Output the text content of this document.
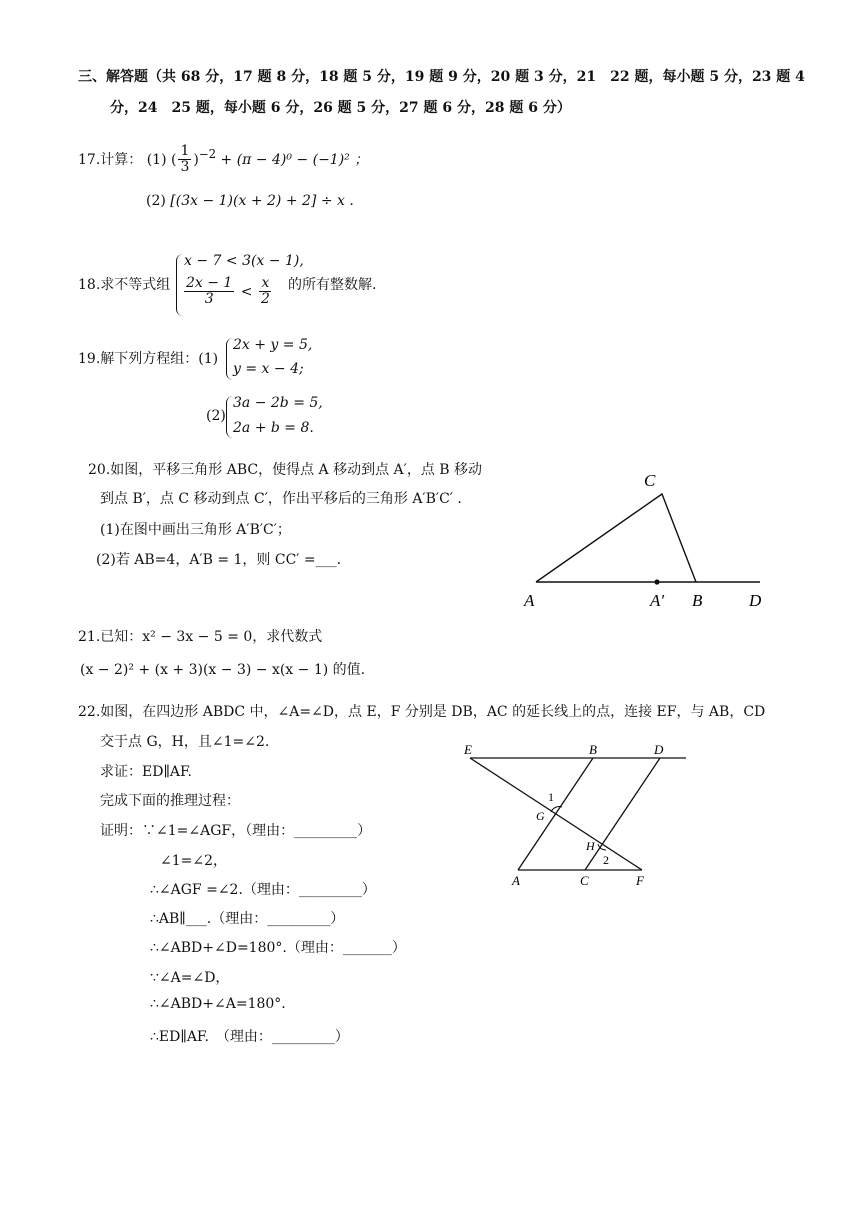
三、解答题（共 68 分，17 题 8 分，18 题 5 分，19 题 9 分，20 题 3 分，21　22 题，每小题 5 分，23 题 4
分，24　25 题，每小题 6 分，26 题 5 分，27 题 6 分，28 题 6 分）
17.计算： (1) ( $\frac{1}{3} )^{-2} + (\pi - 4)^0 - (-1)^2$ ；
(2) [(3x − 1)(x + 2) + 2] ÷ x .
18.求不等式组
x − 7 < 3(x − 1),
$\frac{2x - 1}{3} < \frac{x}{2}$ 的所有整数解.
19.解下列方程组：(1)
2x + y = 5,
y = x − 4;
(2)
3a − 2b = 5,
2a + b = 8.
20.如图，平移三角形 ABC，使得点 A 移动到点 A′，点 B 移动
到点 B′，点 C 移动到点 C′，作出平移后的三角形 A′B′C′ .
(1)在图中画出三角形 A′B′C′；
(2)若 AB=4，A′B = 1，则 CC′ =___.
C
A	A′ B	D
21.已知：x² − 3x − 5 = 0，求代数式
(x − 2)² + (x + 3)(x − 3) − x(x − 1) 的值.
22.如图，在四边形 ABDC 中，∠A=∠D，点 E，F 分别是 DB，AC 的延长线上的点，连接 EF，与 AB，CD
交于点 G，H，且∠1=∠2.
求证：ED∥AF.
完成下面的推理过程：
证明：∵∠1=∠AGF，（理由：_________）
∠1=∠2，
∴∠AGF =∠2.（理由：_________）
∴AB∥___.（理由：_________）
∴∠ABD+∠D=180°.（理由：_______）
∵∠A=∠D，
∴∠ABD+∠A=180°.
∴ED∥AF.　（理由：_________）
E	B	D
1
G
H
2
A	C	F
